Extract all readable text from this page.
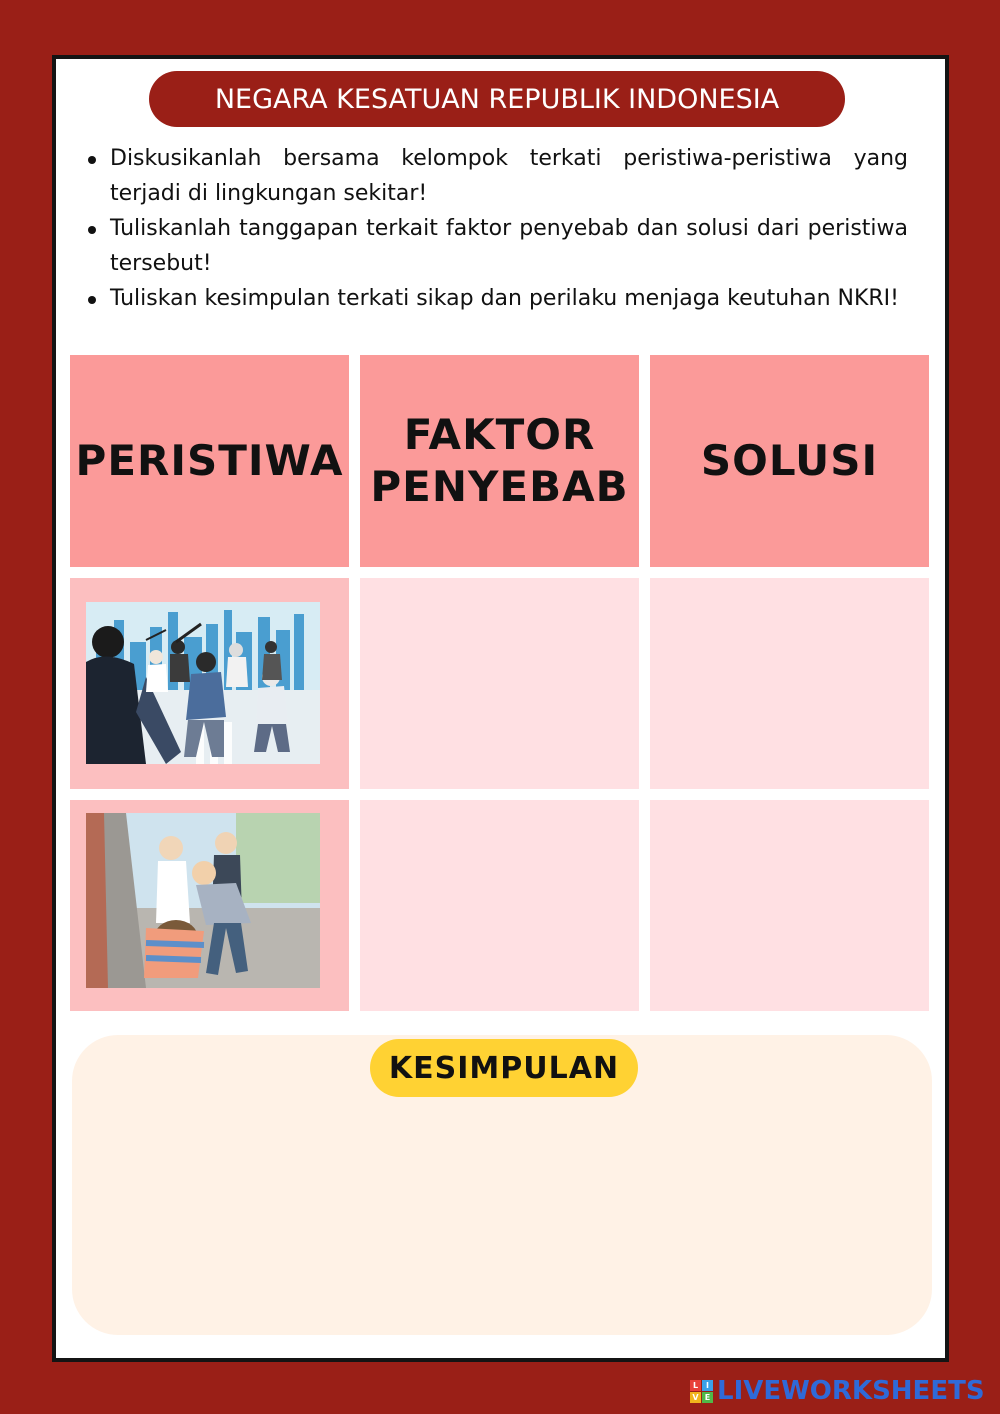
NEGARA KESATUAN REPUBLIK INDONESIA
Diskusikanlah bersama kelompok terkati peristiwa-peristiwa yang terjadi di lingkungan sekitar!
Tuliskanlah tanggapan terkait faktor penyebab dan solusi dari peristiwa tersebut!
Tuliskan kesimpulan terkati sikap dan perilaku menjaga keutuhan NKRI!
PERISTIWA
FAKTOR PENYEBAB
SOLUSI
KESIMPULAN
L I
V E LIVEWORKSHEETS
